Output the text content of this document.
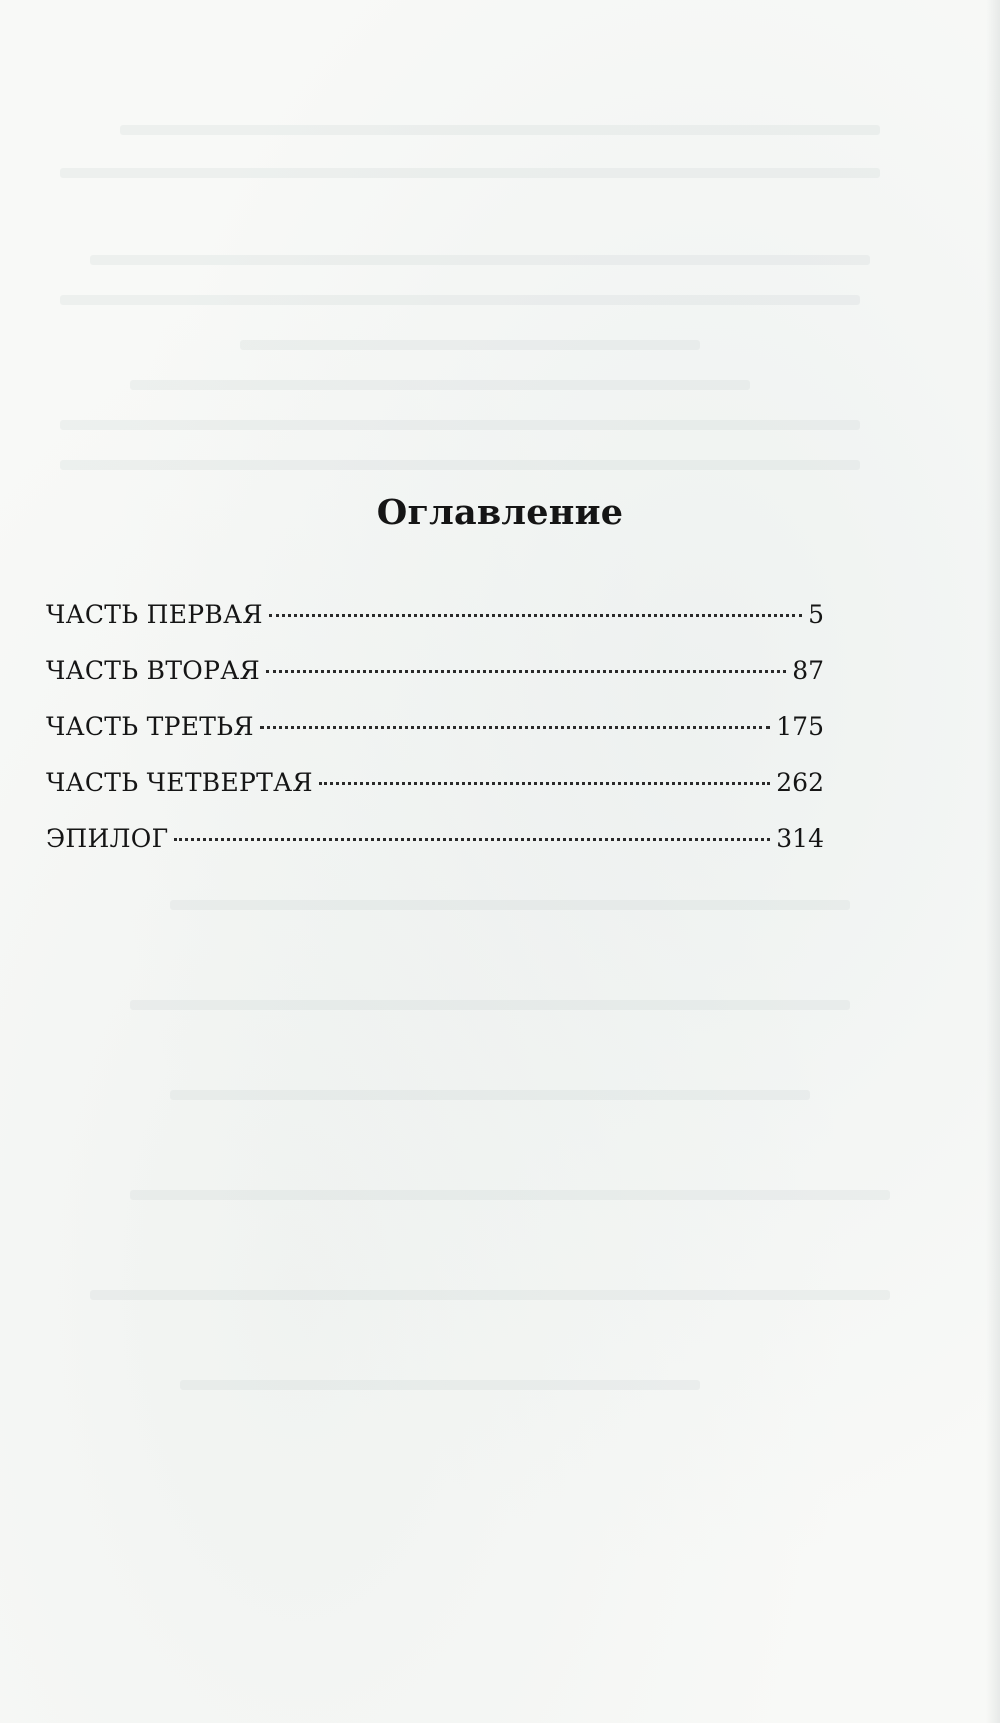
Оглавление
ЧАСТЬ ПЕРВАЯ	5
ЧАСТЬ ВТОРАЯ	87
ЧАСТЬ ТРЕТЬЯ	175
ЧАСТЬ ЧЕТВЕРТАЯ	262
ЭПИЛОГ	314
